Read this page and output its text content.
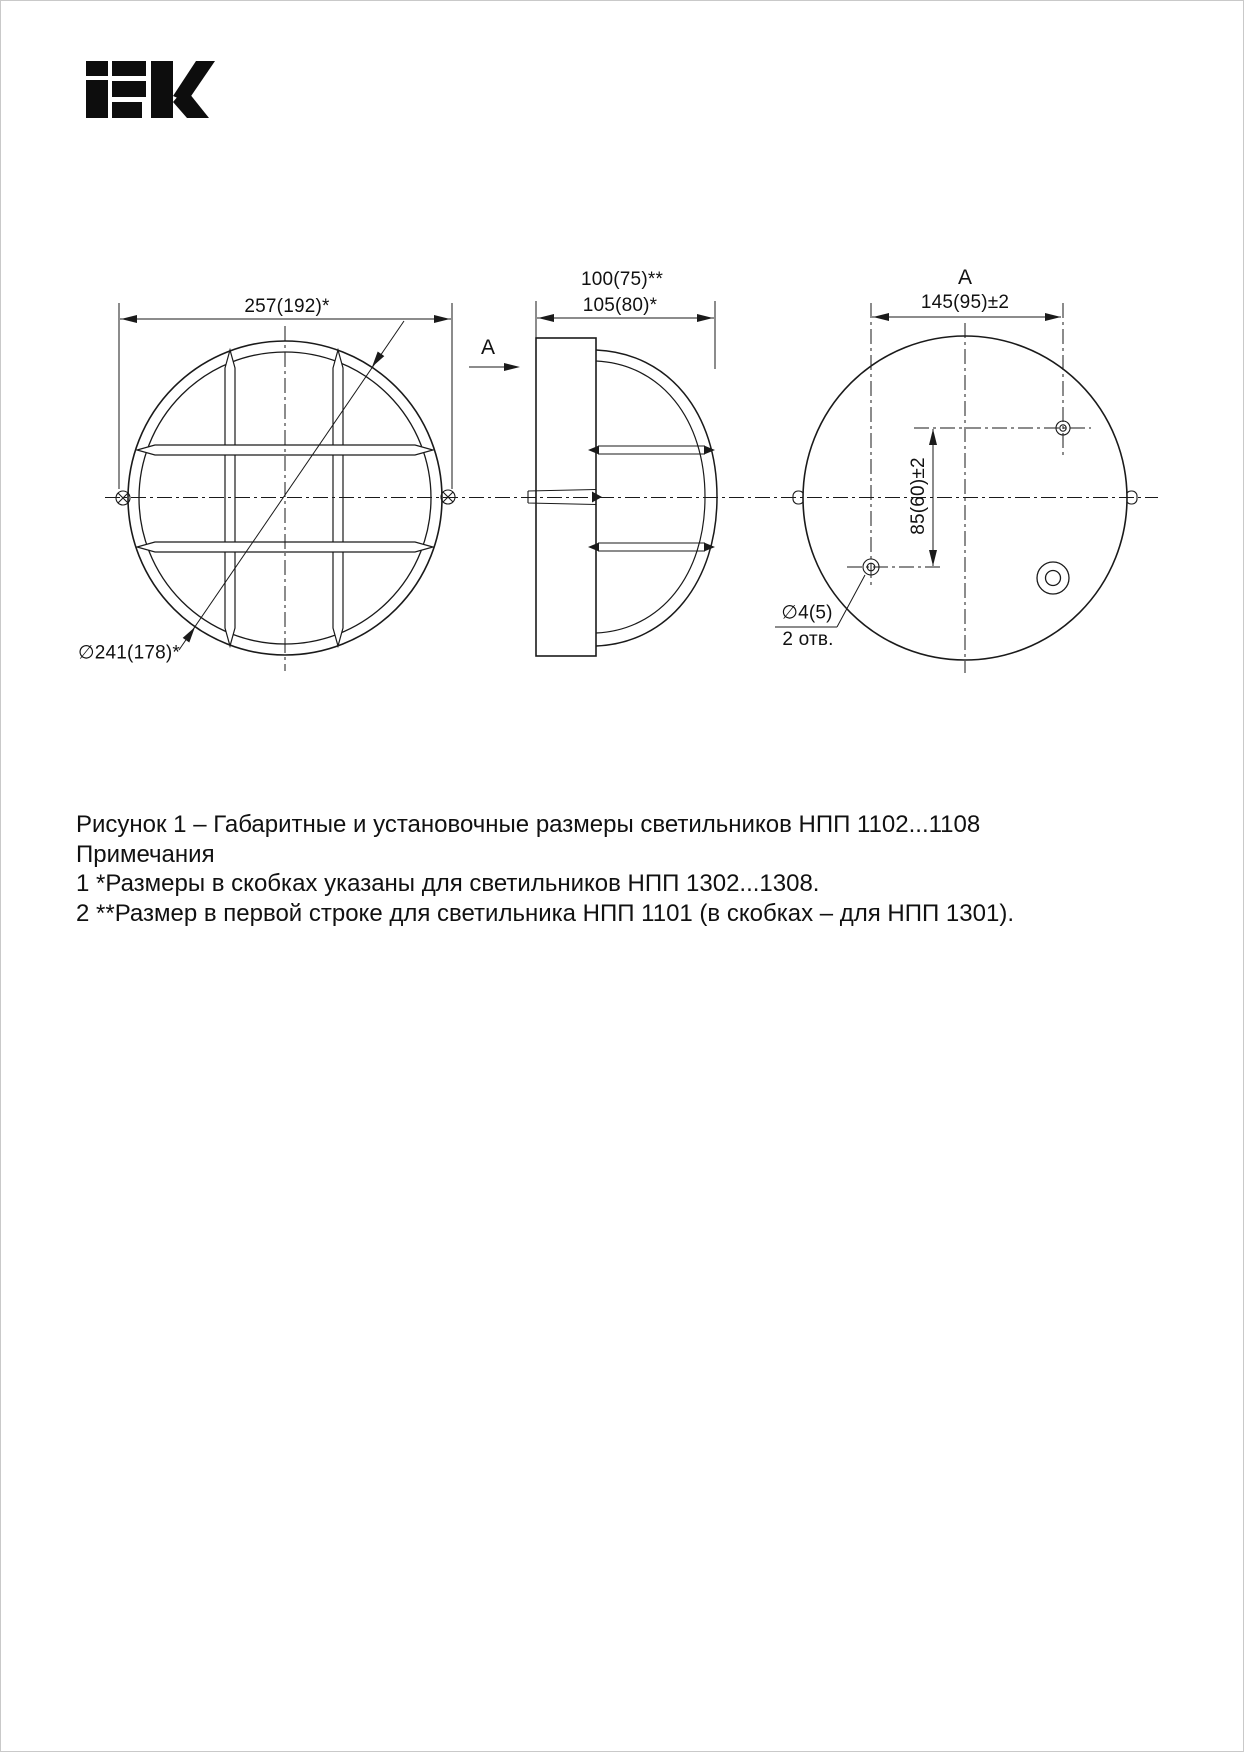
257(192)*
∅241(178)*
100(75)**
105(80)*
A
A
145(95)±2
85(60)±2
∅4(5)
2 отв.
Рисунок 1 – Габаритные и установочные размеры светильников НПП 1102...1108
Примечания
1 *Размеры в скобках указаны для светильников НПП 1302...1308.
2 **Размер в первой строке для светильника НПП 1101 (в скобках – для НПП 1301).
